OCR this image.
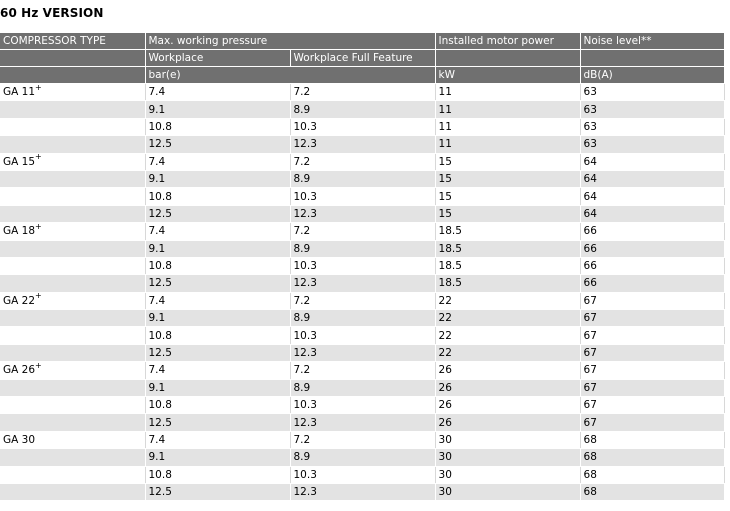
60 Hz VERSION
COMPRESSOR TYPE	Max. working pressure		Installed motor power	Noise level**
	Workplace	Workplace Full Feature		
	bar(e)		kW	dB(A)
GA 11+	7.4	7.2	11	63
	9.1	8.9	11	63
	10.8	10.3	11	63
	12.5	12.3	11	63
GA 15+	7.4	7.2	15	64
	9.1	8.9	15	64
	10.8	10.3	15	64
	12.5	12.3	15	64
GA 18+	7.4	7.2	18.5	66
	9.1	8.9	18.5	66
	10.8	10.3	18.5	66
	12.5	12.3	18.5	66
GA 22+	7.4	7.2	22	67
	9.1	8.9	22	67
	10.8	10.3	22	67
	12.5	12.3	22	67
GA 26+	7.4	7.2	26	67
	9.1	8.9	26	67
	10.8	10.3	26	67
	12.5	12.3	26	67
GA 30	7.4	7.2	30	68
	9.1	8.9	30	68
	10.8	10.3	30	68
	12.5	12.3	30	68
